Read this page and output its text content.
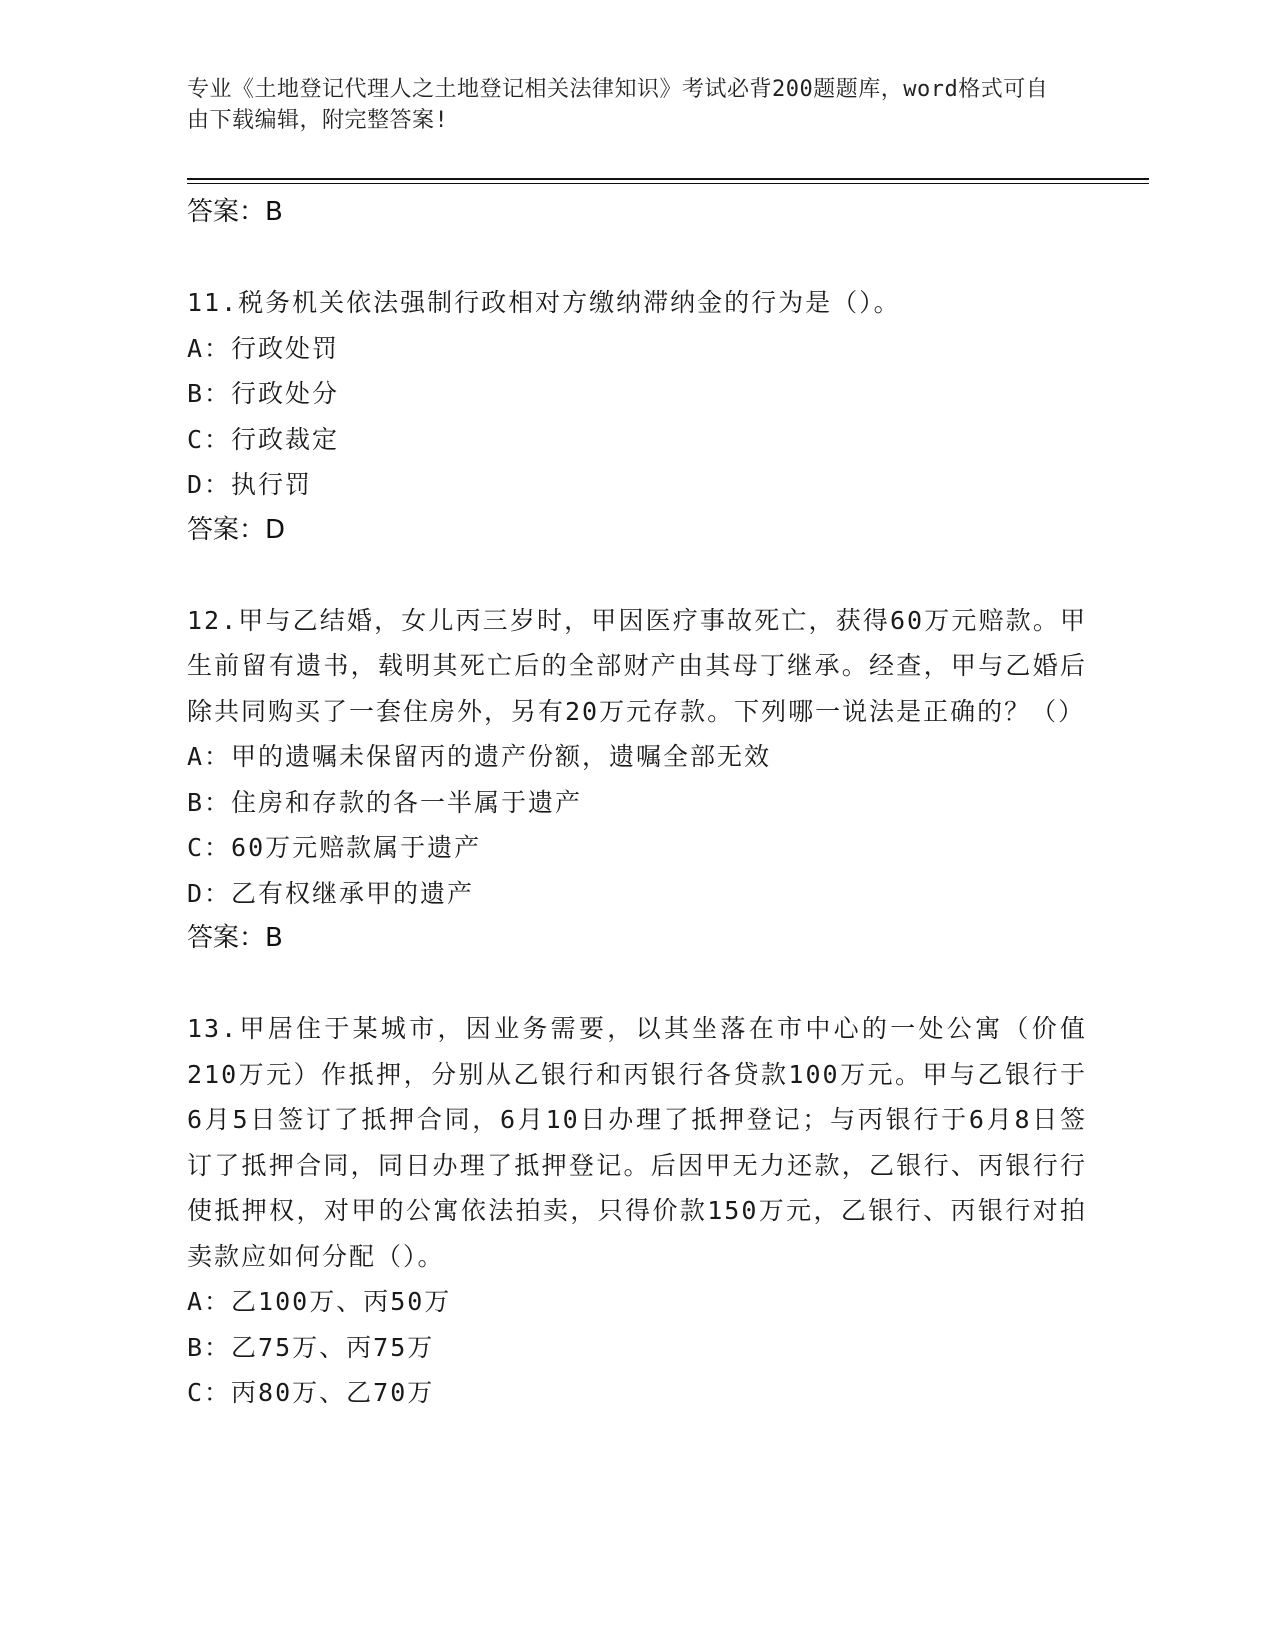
专业《土地登记代理人之土地登记相关法律知识》考试必背200题题库，word格式可自由下载编辑，附完整答案!
答案：B
11.税务机关依法强制行政相对方缴纳滞纳金的行为是（）。
A：行政处罚
B：行政处分
C：行政裁定
D：执行罚
答案：D
12.甲与乙结婚，女儿丙三岁时，甲因医疗事故死亡，获得60万元赔款。甲生前留有遗书，载明其死亡后的全部财产由其母丁继承。经查，甲与乙婚后除共同购买了一套住房外，另有20万元存款。下列哪一说法是正确的？（）
A：甲的遗嘱未保留丙的遗产份额，遗嘱全部无效
B：住房和存款的各一半属于遗产
C：60万元赔款属于遗产
D：乙有权继承甲的遗产
答案：B
13.甲居住于某城市，因业务需要，以其坐落在市中心的一处公寓（价值210万元）作抵押，分别从乙银行和丙银行各贷款100万元。甲与乙银行于6月5日签订了抵押合同，6月10日办理了抵押登记；与丙银行于6月8日签订了抵押合同，同日办理了抵押登记。后因甲无力还款，乙银行、丙银行行使抵押权，对甲的公寓依法拍卖，只得价款150万元，乙银行、丙银行对拍卖款应如何分配（）。
A：乙100万、丙50万
B：乙75万、丙75万
C：丙80万、乙70万
